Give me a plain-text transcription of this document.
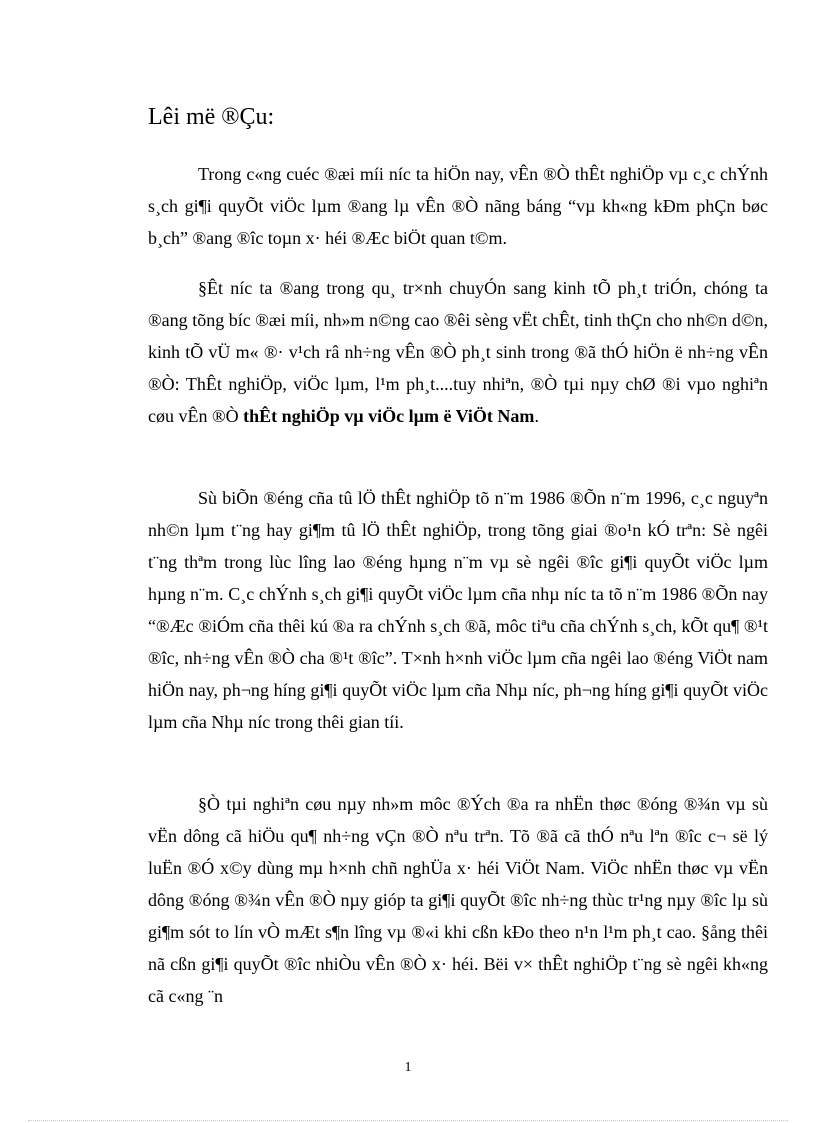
Lêi më ®Çu:

Trong c«ng cuéc ®æi míi níc ta hiÖn nay, vÊn ®Ò thÊt nghiÖp vµ c¸c chÝnh s¸ch gi¶i quyÕt viÖc lµm ®ang lµ vÊn ®Ò nãng báng “vµ kh«ng kÐm phÇn bøc b¸ch” ®ang ®îc toµn x· héi ®Æc biÖt quan t©m.

§Êt níc ta ®ang trong qu¸ tr×nh chuyÓn sang kinh tÕ ph¸t triÓn, chóng ta ®ang tõng bíc ®æi míi, nh»m n©ng cao ®êi sèng vËt chÊt, tinh thÇn cho nh©n d©n, kinh tÕ vÜ m« ®· v¹ch râ nh÷ng vÊn ®Ò ph¸t sinh trong ®ã thÓ hiÖn ë nh÷ng vÊn ®Ò: ThÊt nghiÖp, viÖc lµm, l¹m ph¸t....tuy nhiªn, ®Ò tµi nµy chØ ®i vµo nghiªn cøu vÊn ®Ò thÊt nghiÖp vµ viÖc lµm ë ViÖt Nam.

Sù biÕn ®éng cña tû lÖ thÊt nghiÖp tõ n¨m 1986 ®Õn n¨m 1996, c¸c nguyªn nh©n lµm t¨ng hay gi¶m tû lÖ thÊt nghiÖp, trong tõng giai ®o¹n kÓ trªn: Sè ngêi t¨ng thªm trong lùc lîng lao ®éng hµng n¨m vµ sè ngêi ®îc gi¶i quyÕt viÖc lµm hµng n¨m. C¸c chÝnh s¸ch gi¶i quyÕt viÖc lµm cña nhµ níc ta tõ n¨m 1986 ®Õn nay “®Æc ®iÓm cña thêi kú ®a ra chÝnh s¸ch ®ã, môc tiªu cña chÝnh s¸ch, kÕt qu¶ ®¹t ®îc, nh÷ng vÊn ®Ò cha ®¹t ®îc”. T×nh h×nh viÖc lµm cña ngêi lao ®éng ViÖt nam hiÖn nay, ph¬ng híng gi¶i quyÕt viÖc lµm cña Nhµ níc, ph¬ng híng gi¶i quyÕt viÖc lµm cña Nhµ níc trong thêi gian tíi.

§Ò tµi nghiªn cøu nµy nh»m môc ®Ých ®a ra nhËn thøc ®óng ®¾n vµ sù vËn dông cã hiÖu qu¶ nh÷ng vÇn ®Ò nªu trªn. Tõ ®ã cã thÓ nªu lªn ®îc c¬ së lý luËn ®Ó x©y dùng mµ h×nh chñ nghÜa x· héi ViÖt Nam. ViÖc nhËn thøc vµ vËn dông ®óng ®¾n vÊn ®Ò nµy gióp ta gi¶i quyÕt ®îc nh÷ng thùc tr¹ng nµy ®îc lµ sù gi¶m sót to lín vÒ mÆt s¶n lîng vµ ®«i khi cßn kÐo theo n¹n l¹m ph¸t cao. §ång thêi nã cßn gi¶i quyÕt ®îc nhiÒu vÊn ®Ò x· héi. Bëi v× thÊt nghiÖp t¨ng sè ngêi kh«ng cã c«ng ¨n

1
